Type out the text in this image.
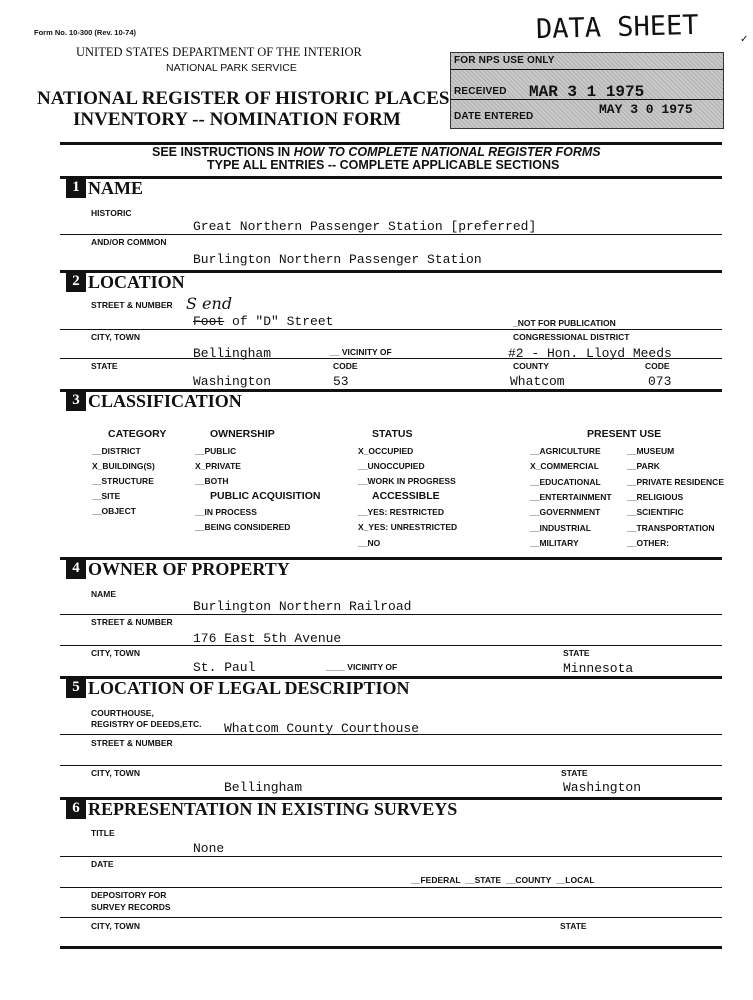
Form No. 10-300 (Rev. 10-74)
UNITED STATES DEPARTMENT OF THE INTERIOR
NATIONAL PARK SERVICE
NATIONAL REGISTER OF HISTORIC PLACES
INVENTORY -- NOMINATION FORM
DATA SHEET	✓
FOR NPS USE ONLY
RECEIVED MAR 3 1 1975
DATE ENTERED	MAY 3 0 1975
SEE INSTRUCTIONS IN HOW TO COMPLETE NATIONAL REGISTER FORMS
TYPE ALL ENTRIES -- COMPLETE APPLICABLE SECTIONS
1 NAME
HISTORIC
Great Northern Passenger Station [preferred]
AND/OR COMMON
Burlington Northern Passenger Station
2 LOCATION
STREET & NUMBER S end
Foot of "D" Street	_NOT FOR PUBLICATION
CITY, TOWN	CONGRESSIONAL DISTRICT
Bellingham	__ VICINITY OF	#2 - Hon. Lloyd Meeds
STATE	CODE	COUNTY	CODE
Washington	53	Whatcom	073
3 CLASSIFICATION
CATEGORY
__DISTRICT
X_BUILDING(S)
__STRUCTURE
__SITE
__OBJECT
OWNERSHIP
__PUBLIC
X_PRIVATE
__BOTH
PUBLIC ACQUISITION
__IN PROCESS
__BEING CONSIDERED
STATUS
X_OCCUPIED
__UNOCCUPIED
__WORK IN PROGRESS
ACCESSIBLE
__YES: RESTRICTED
X_YES: UNRESTRICTED
__NO
PRESENT USE
__AGRICULTURE
X_COMMERCIAL
__EDUCATIONAL
__ENTERTAINMENT
__GOVERNMENT
__INDUSTRIAL
__MILITARY
__MUSEUM
__PARK
__PRIVATE RESIDENCE
__RELIGIOUS
__SCIENTIFIC
__TRANSPORTATION
__OTHER:
4 OWNER OF PROPERTY
NAME
Burlington Northern Railroad
STREET & NUMBER
176 East 5th Avenue
CITY, TOWN	STATE
St. Paul	____ VICINITY OF	Minnesota
5 LOCATION OF LEGAL DESCRIPTION
COURTHOUSE,
REGISTRY OF DEEDS,ETC. Whatcom County Courthouse
STREET & NUMBER
CITY, TOWN	STATE
Bellingham	Washington
6 REPRESENTATION IN EXISTING SURVEYS
TITLE
None
DATE
__FEDERAL  __STATE  __COUNTY  __LOCAL
DEPOSITORY FOR
SURVEY RECORDS
CITY, TOWN	STATE
